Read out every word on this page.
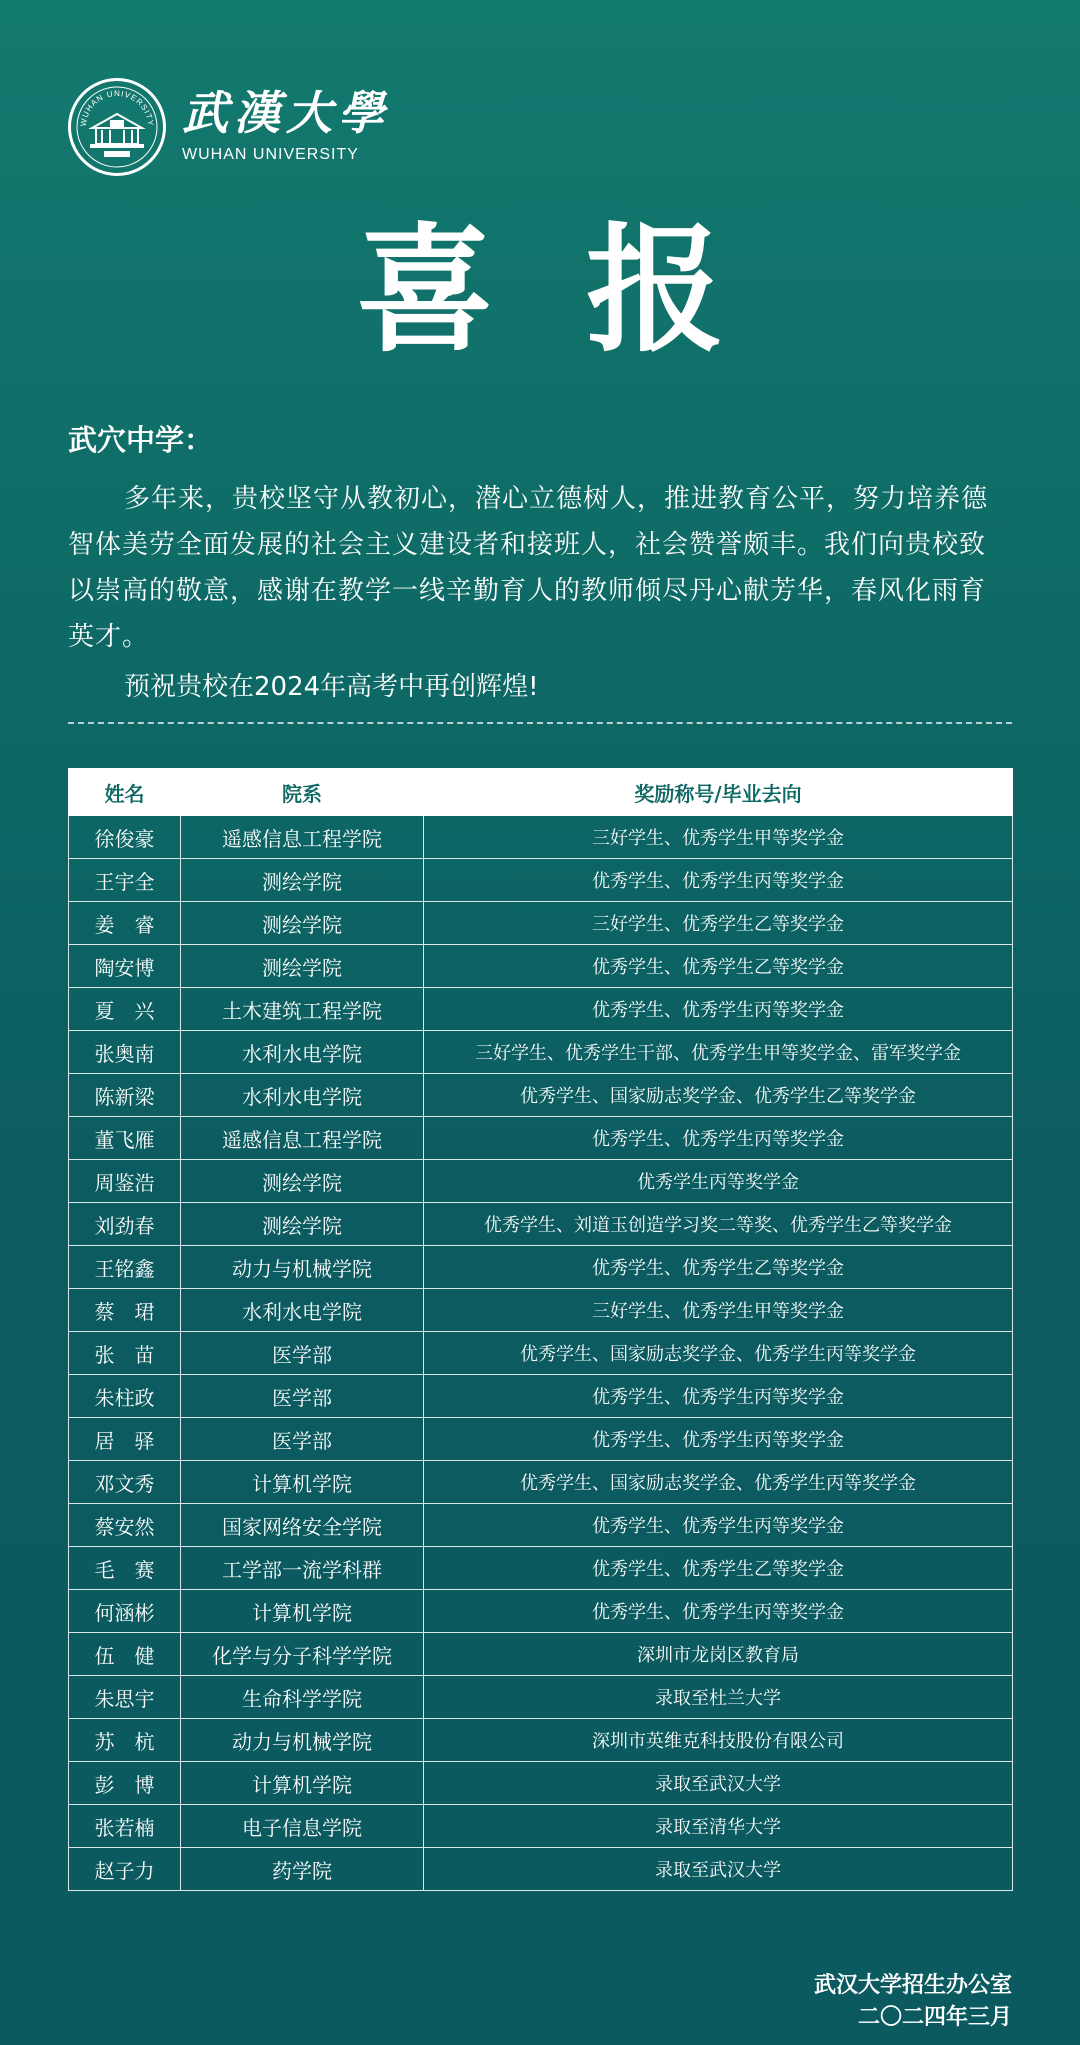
WUHAN UNIVERSITY 武漢大學
WUHAN UNIVERSITY
喜报
武穴中学：
多年来，贵校坚守从教初心，潜心立德树人，推进教育公平，努力培养德智体美劳全面发展的社会主义建设者和接班人，社会赞誉颇丰。我们向贵校致以崇高的敬意，感谢在教学一线辛勤育人的教师倾尽丹心献芳华，春风化雨育英才。
预祝贵校在2024年高考中再创辉煌!
姓名	院系	奖励称号/毕业去向
徐俊豪	遥感信息工程学院	三好学生、优秀学生甲等奖学金
王宇全	测绘学院	优秀学生、优秀学生丙等奖学金
姜　睿	测绘学院	三好学生、优秀学生乙等奖学金
陶安博	测绘学院	优秀学生、优秀学生乙等奖学金
夏　兴	土木建筑工程学院	优秀学生、优秀学生丙等奖学金
张奥南	水利水电学院	三好学生、优秀学生干部、优秀学生甲等奖学金、雷军奖学金
陈新梁	水利水电学院	优秀学生、国家励志奖学金、优秀学生乙等奖学金
董飞雁	遥感信息工程学院	优秀学生、优秀学生丙等奖学金
周鉴浩	测绘学院	优秀学生丙等奖学金
刘劲春	测绘学院	优秀学生、刘道玉创造学习奖二等奖、优秀学生乙等奖学金
王铭鑫	动力与机械学院	优秀学生、优秀学生乙等奖学金
蔡　珺	水利水电学院	三好学生、优秀学生甲等奖学金
张　苗	医学部	优秀学生、国家励志奖学金、优秀学生丙等奖学金
朱柱政	医学部	优秀学生、优秀学生丙等奖学金
居　驿	医学部	优秀学生、优秀学生丙等奖学金
邓文秀	计算机学院	优秀学生、国家励志奖学金、优秀学生丙等奖学金
蔡安然	国家网络安全学院	优秀学生、优秀学生丙等奖学金
毛　赛	工学部一流学科群	优秀学生、优秀学生乙等奖学金
何涵彬	计算机学院	优秀学生、优秀学生丙等奖学金
伍　健	化学与分子科学学院	深圳市龙岗区教育局
朱思宇	生命科学学院	录取至杜兰大学
苏　杭	动力与机械学院	深圳市英维克科技股份有限公司
彭　博	计算机学院	录取至武汉大学
张若楠	电子信息学院	录取至清华大学
赵子力	药学院	录取至武汉大学
武汉大学招生办公室
二〇二四年三月
